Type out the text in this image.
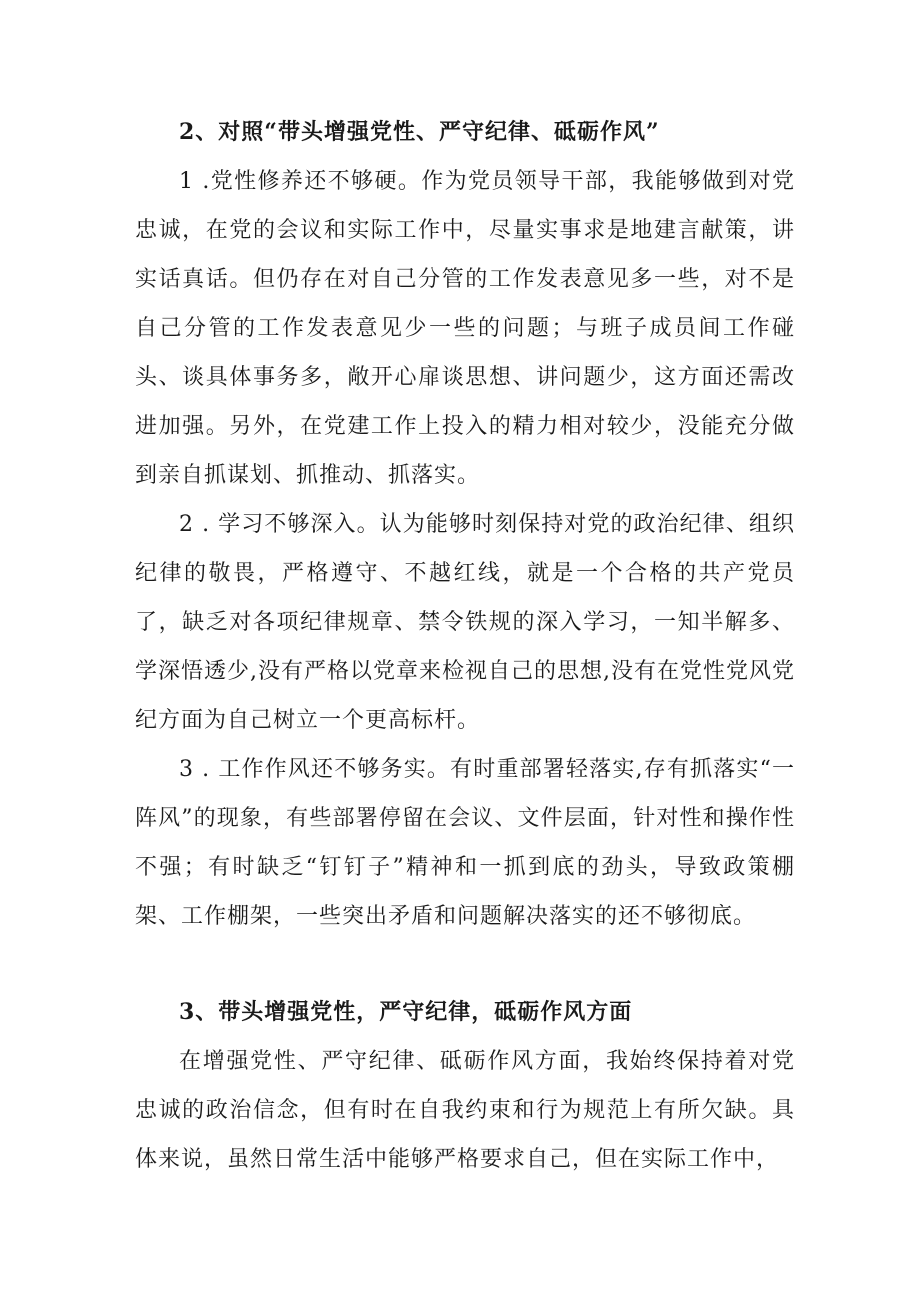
2、对照“带头增强党性、严守纪律、砥砺作风”

1 .党性修养还不够硬。作为党员领导干部，我能够做到对党忠诚，在党的会议和实际工作中，尽量实事求是地建言献策，讲实话真话。但仍存在对自己分管的工作发表意见多一些，对不是自己分管的工作发表意见少一些的问题；与班子成员间工作碰头、谈具体事务多，敞开心扉谈思想、讲问题少，这方面还需改进加强。另外，在党建工作上投入的精力相对较少，没能充分做到亲自抓谋划、抓推动、抓落实。

2 . 学习不够深入。认为能够时刻保持对党的政治纪律、组织纪律的敬畏，严格遵守、不越红线，就是一个合格的共产党员了，缺乏对各项纪律规章、禁令铁规的深入学习，一知半解多、学深悟透少,没有严格以党章来检视自己的思想,没有在党性党风党纪方面为自己树立一个更高标杆。

3 . 工作作风还不够务实。有时重部署轻落实,存有抓落实“一阵风”的现象，有些部署停留在会议、文件层面，针对性和操作性不强；有时缺乏“钉钉子”精神和一抓到底的劲头，导致政策棚架、工作棚架，一些突出矛盾和问题解决落实的还不够彻底。

3、带头增强党性，严守纪律，砥砺作风方面

在增强党性、严守纪律、砥砺作风方面，我始终保持着对党忠诚的政治信念，但有时在自我约束和行为规范上有所欠缺。具体来说，虽然日常生活中能够严格要求自己，但在实际工作中，
